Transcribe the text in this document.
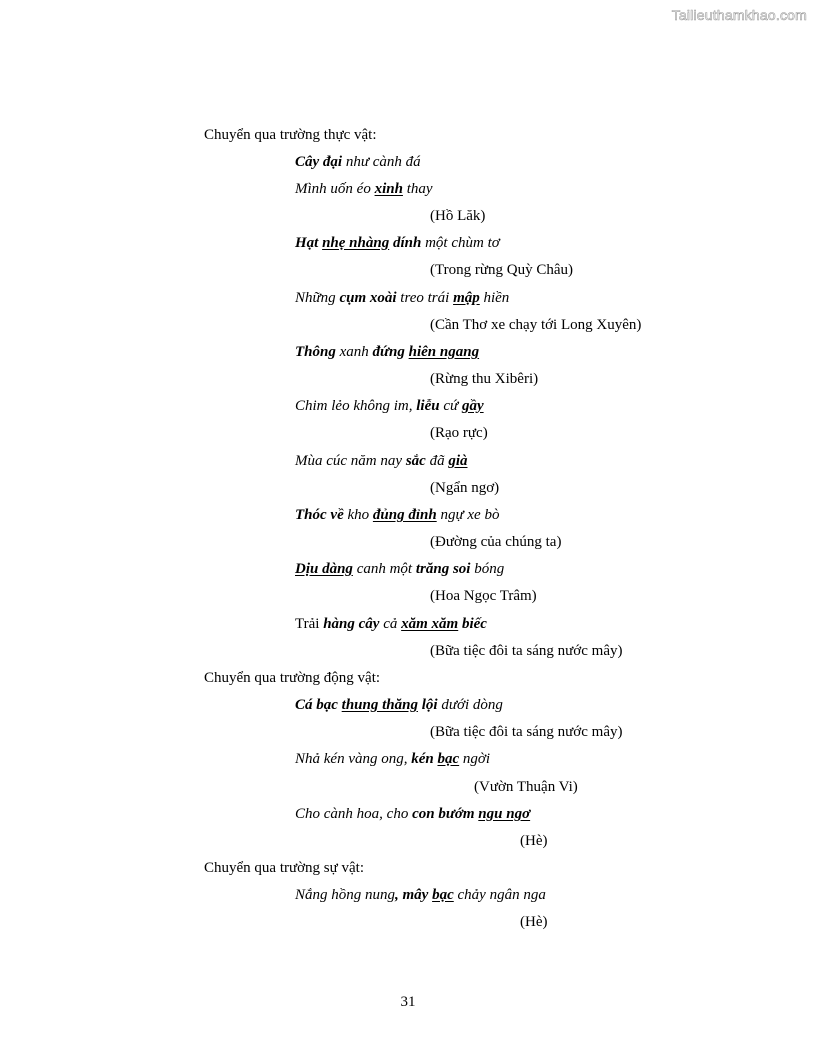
Tailieuthamkhao.com
Chuyển qua trường thực vật:
Cây đại như cành đá
Mình uốn éo xinh thay
(Hồ Lăk)
Hạt nhẹ nhàng dính một chùm tơ
(Trong rừng Quỳ Châu)
Những cụm xoài treo trái mập hiền
(Cần Thơ xe chạy tới Long Xuyên)
Thông xanh đứng hiên ngang
(Rừng thu Xibêri)
Chim lẻo không im, liễu cứ gầy
(Rạo rực)
Mùa cúc năm nay sắc đã già
(Ngẩn ngơ)
Thóc về kho đủng đỉnh ngự xe bò
(Đường của chúng ta)
Dịu dàng canh một trăng soi bóng
(Hoa Ngọc Trâm)
Trải hàng cây cả xăm xăm biếc
(Bữa tiệc đôi ta sáng nước mây)
Chuyển qua trường động vật:
Cá bạc thung thăng lội dưới dòng
(Bữa tiệc đôi ta sáng nước mây)
Nhả kén vàng ong, kén bạc ngời
(Vườn Thuận Vi)
Cho cành hoa, cho con bướm ngu ngơ
(Hè)
Chuyển qua trường sự vật:
Nắng hồng nung, mây bạc chảy ngân nga
(Hè)
31
